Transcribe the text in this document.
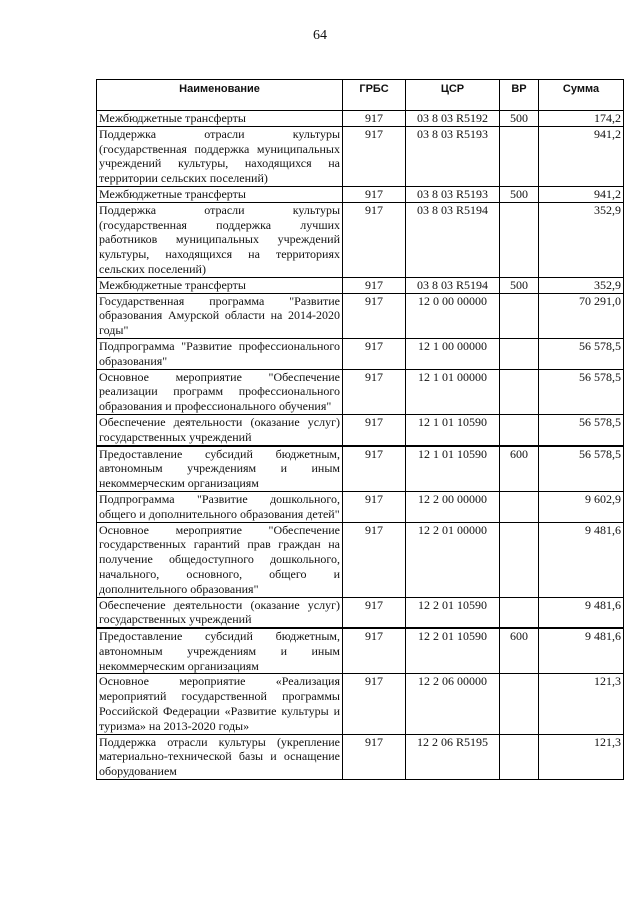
64
Наименование	ГРБС	ЦСР	ВР	Сумма
Межбюджетные трансферты	917	03 8 03 R5192	500	174,2
Поддержка отрасли культуры (государственная поддержка муниципальных учреждений культуры, находящихся на территории сельских поселений)	917	03 8 03 R5193		941,2
Межбюджетные трансферты	917	03 8 03 R5193	500	941,2
Поддержка отрасли культуры (государственная поддержка лучших работников муниципальных учреждений культуры, находящихся на территориях сельских поселений)	917	03 8 03 R5194		352,9
Межбюджетные трансферты	917	03 8 03 R5194	500	352,9
Государственная программа "Развитие образования Амурской области на 2014-2020 годы"	917	12 0 00 00000		70 291,0
Подпрограмма "Развитие профессионального образования"	917	12 1 00 00000		56 578,5
Основное мероприятие "Обеспечение реализации программ профессионального образования и профессионального обучения"	917	12 1 01 00000		56 578,5
Обеспечение деятельности (оказание услуг) государственных учреждений	917	12 1 01 10590		56 578,5
Предоставление субсидий бюджетным, автономным учреждениям и иным некоммерческим организациям	917	12 1 01 10590	600	56 578,5
Подпрограмма "Развитие дошкольного, общего и дополнительного образования детей"	917	12 2 00 00000		9 602,9
Основное мероприятие "Обеспечение государственных гарантий прав граждан на получение общедоступного дошкольного, начального, основного, общего и дополнительного образования"	917	12 2 01 00000		9 481,6
Обеспечение деятельности (оказание услуг) государственных учреждений	917	12 2 01 10590		9 481,6
Предоставление субсидий бюджетным, автономным учреждениям и иным некоммерческим организациям	917	12 2 01 10590	600	9 481,6
Основное мероприятие «Реализация мероприятий государственной программы Российской Федерации «Развитие культуры и туризма» на 2013-2020 годы»	917	12 2 06 00000		121,3
Поддержка отрасли культуры (укрепление материально-технической базы и оснащение оборудованием	917	12 2 06 R5195		121,3
